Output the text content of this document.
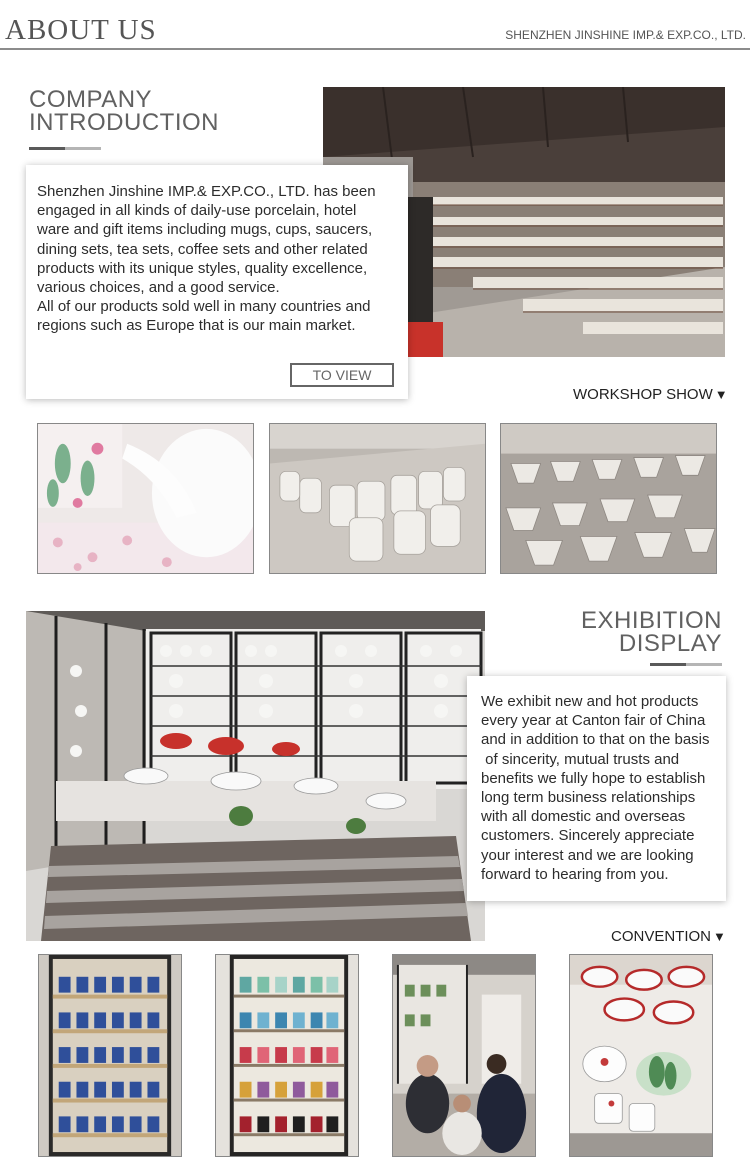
ABOUT US	SHENZHEN JINSHINE IMP.& EXP.CO., LTD.
COMPANY
INTRODUCTION

Shenzhen Jinshine IMP.& EXP.CO., LTD. has been

engaged in all kinds of daily-use porcelain, hotel

ware and gift items including mugs, cups, saucers,

dining sets, tea sets, coffee sets and other related

products with its unique styles, quality excellence,

various choices, and a good service.

All of our products sold well in many countries and

regions such as Europe that is our main market.

TO VIEW
WORKSHOP SHOW ▼
EXHIBITION
DISPLAY

We exhibit new and hot products

every year at Canton fair of China

and in addition to that on the basis

of sincerity, mutual trusts and

benefits we fully hope to establish

long term business relationships

with all domestic and overseas

customers. Sincerely appreciate

your interest and we are looking

forward to hearing from you.

CONVENTION ▼
